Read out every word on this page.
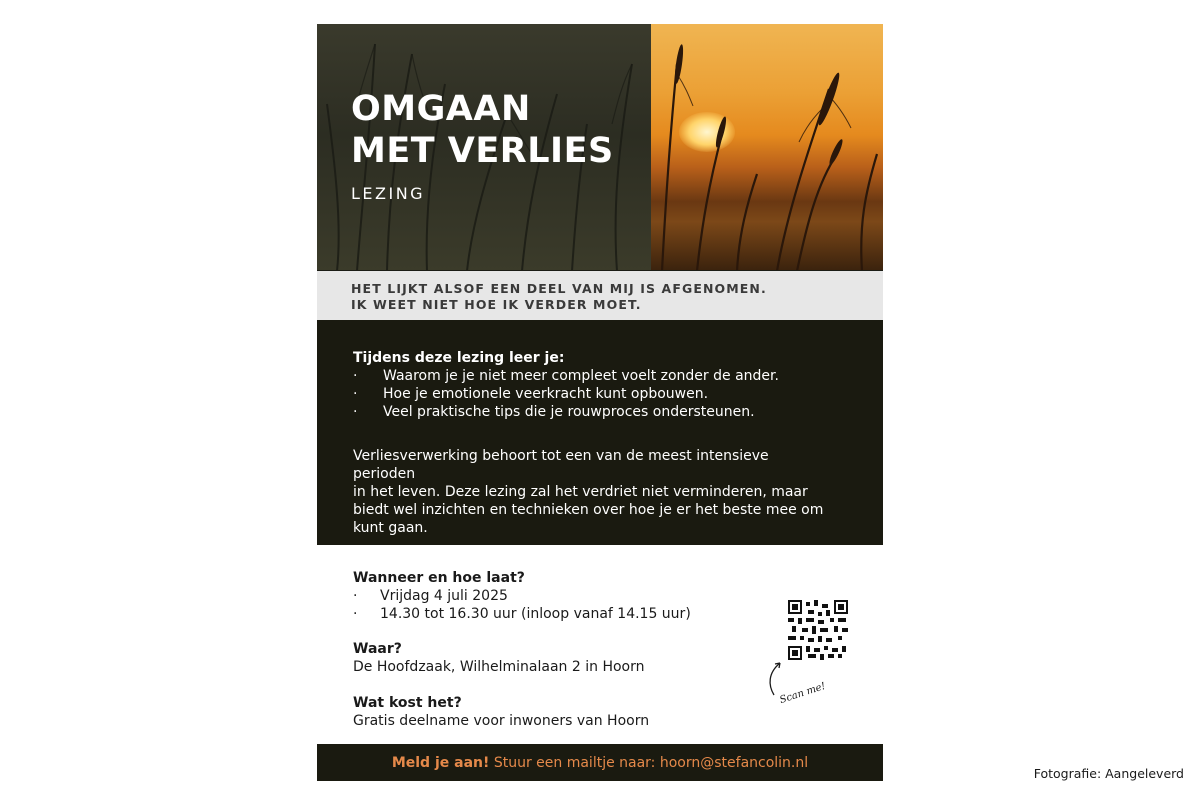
OMGAAN
MET VERLIES
LEZING
HET LIJKT ALSOF EEN DEEL VAN MIJ IS AFGENOMEN.
IK WEET NIET HOE IK VERDER MOET.
Tijdens deze lezing leer je:
· Waarom je je niet meer compleet voelt zonder de ander.
· Hoe je emotionele veerkracht kunt opbouwen.
· Veel praktische tips die je rouwproces ondersteunen.
Verliesverwerking behoort tot een van de meest intensieve perioden
in het leven. Deze lezing zal het verdriet niet verminderen, maar
biedt wel inzichten en technieken over hoe je er het beste mee om
kunt gaan.
Wanneer en hoe laat?
· Vrijdag 4 juli 2025
· 14.30 tot 16.30 uur (inloop vanaf 14.15 uur)
Waar?
De Hoofdzaak, Wilhelminalaan 2 in Hoorn
Wat kost het?
Gratis deelname voor inwoners van Hoorn
Scan me!
Meld je aan!
Stuur een mailtje naar: hoorn@stefancolin.nl
Fotografie: Aangeleverd
